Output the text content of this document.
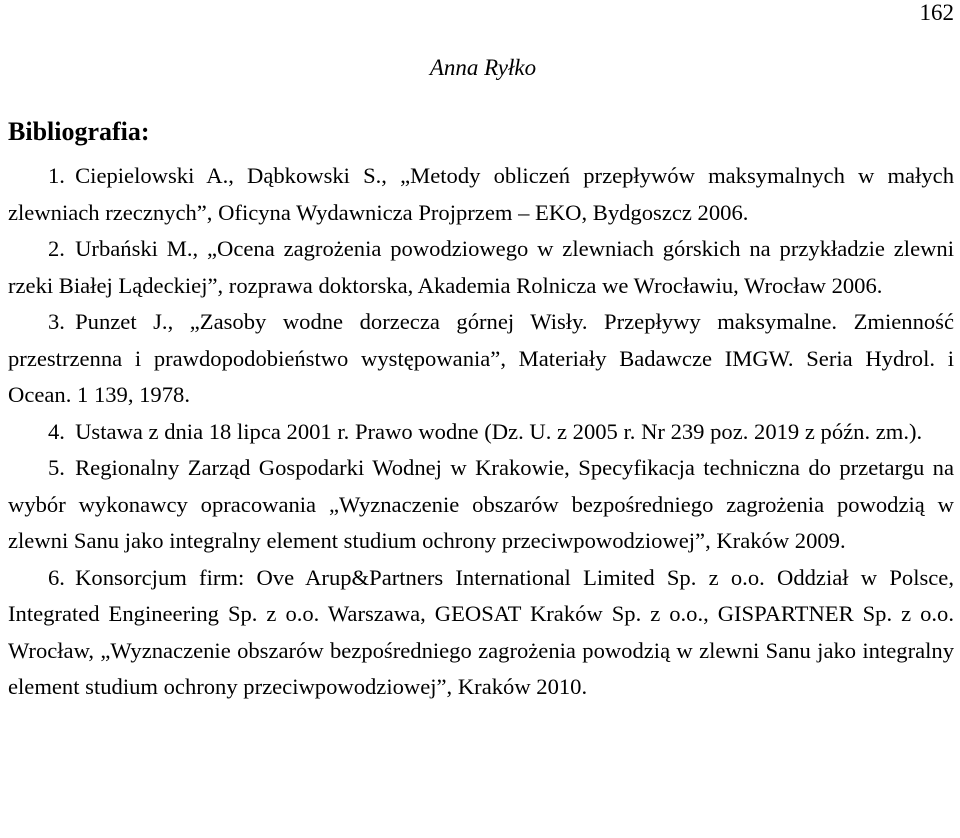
162
Anna Ryłko
Bibliografia:
1. Ciepielowski A., Dąbkowski S., „Metody obliczeń przepływów maksymalnych w małych zlewniach rzecznych”, Oficyna Wydawnicza Projprzem – EKO, Bydgoszcz 2006.
2. Urbański M., „Ocena zagrożenia powodziowego w zlewniach górskich na przykładzie zlewni rzeki Białej Lądeckiej”, rozprawa doktorska, Akademia Rolnicza we Wrocławiu, Wrocław 2006.
3. Punzet J., „Zasoby wodne dorzecza górnej Wisły. Przepływy maksymalne. Zmienność przestrzenna i prawdopodobieństwo występowania”, Materiały Badawcze IMGW. Seria Hydrol. i Ocean. 1 139, 1978.
4. Ustawa z dnia 18 lipca 2001 r. Prawo wodne (Dz. U. z 2005 r. Nr 239 poz. 2019 z późn. zm.).
5. Regionalny Zarząd Gospodarki Wodnej w Krakowie, Specyfikacja techniczna do przetargu na wybór wykonawcy opracowania „Wyznaczenie obszarów bezpośredniego zagrożenia powodzią w zlewni Sanu jako integralny element studium ochrony przeciwpowodziowej”, Kraków 2009.
6. Konsorcjum firm: Ove Arup&Partners International Limited Sp. z o.o. Oddział w Polsce, Integrated Engineering Sp. z o.o. Warszawa, GEOSAT Kraków Sp. z o.o., GISPARTNER Sp. z o.o. Wrocław, „Wyznaczenie obszarów bezpośredniego zagrożenia powodzią w zlewni Sanu jako integralny element studium ochrony przeciwpowodziowej”, Kraków 2010.
